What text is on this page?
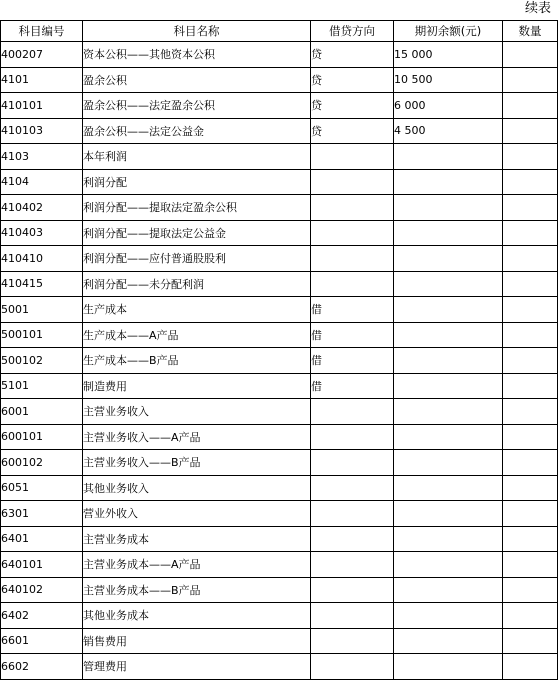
续表
科目编号	科目名称	借贷方向	期初余额(元)	数量
400207	资本公积——其他资本公积	贷	15 000	
4101	盈余公积	贷	10 500	
410101	盈余公积——法定盈余公积	贷	6 000	
410103	盈余公积——法定公益金	贷	4 500	
4103	本年利润			
4104	利润分配			
410402	利润分配——提取法定盈余公积			
410403	利润分配——提取法定公益金			
410410	利润分配——应付普通股股利			
410415	利润分配——未分配利润			
5001	生产成本	借		
500101	生产成本——A产品	借		
500102	生产成本——B产品	借		
5101	制造费用	借		
6001	主营业务收入			
600101	主营业务收入——A产品			
600102	主营业务收入——B产品			
6051	其他业务收入			
6301	营业外收入			
6401	主营业务成本			
640101	主营业务成本——A产品			
640102	主营业务成本——B产品			
6402	其他业务成本			
6601	销售费用			
6602	管理费用			
